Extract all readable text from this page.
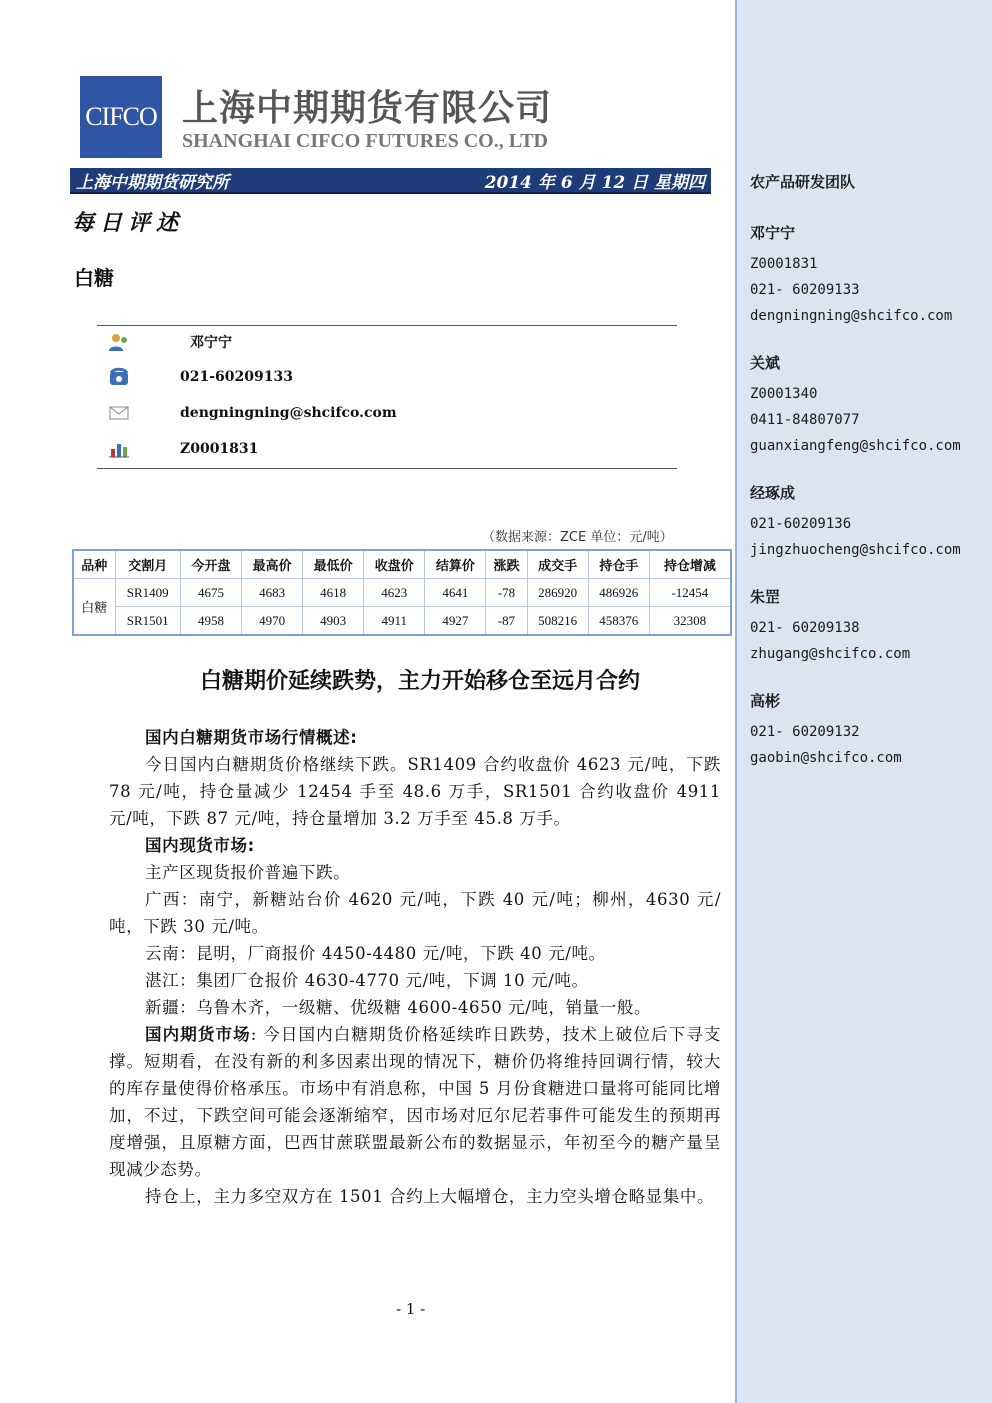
农产品研发团队
邓宁宁
Z0001831
021- 60209133
dengningning@shcifco.com
关斌
Z0001340
0411-84807077
guanxiangfeng@shcifco.com
经琢成
021-60209136
jingzhuocheng@shcifco.com
朱罡
021- 60209138
zhugang@shcifco.com
高彬
021- 60209132
gaobin@shcifco.com
CIFCO 上海中期期货有限公司
SHANGHAI CIFCO FUTURES CO., LTD
上海中期期货研究所	2014 年 6 月 12 日 星期四
每日评述
白糖
邓宁宁
021-60209133
dengningning@shcifco.com
Z0001831
（数据来源：ZCE 单位：元/吨）
品种	交割月	今开盘	最高价	最低价	收盘价	结算价	涨跌	成交手	持仓手	持仓增减
白糖	SR1409	4675	4683	4618	4623	4641	-78	286920	486926	-12454
	SR1501	4958	4970	4903	4911	4927	-87	508216	458376	32308
白糖期价延续跌势，主力开始移仓至远月合约

国内白糖期货市场行情概述:

今日国内白糖期货价格继续下跌。SR1409 合约收盘价 4623 元/吨，下跌 78 元/吨，持仓量减少 12454 手至 48.6 万手，SR1501 合约收盘价 4911 元/吨，下跌 87 元/吨，持仓量增加 3.2 万手至 45.8 万手。

国内现货市场:

主产区现货报价普遍下跌。

广西：南宁，新糖站台价 4620 元/吨，下跌 40 元/吨；柳州，4630 元/吨，下跌 30 元/吨。

云南：昆明，厂商报价 4450-4480 元/吨，下跌 40 元/吨。

湛江：集团厂仓报价 4630-4770 元/吨，下调 10 元/吨。

新疆：乌鲁木齐，一级糖、优级糖 4600-4650 元/吨，销量一般。

国内期货市场: 今日国内白糖期货价格延续昨日跌势，技术上破位后下寻支撑。短期看，在没有新的利多因素出现的情况下，糖价仍将维持回调行情，较大的库存量使得价格承压。市场中有消息称，中国 5 月份食糖进口量将可能同比增加，不过，下跌空间可能会逐渐缩窄，因市场对厄尔尼若事件可能发生的预期再度增强，且原糖方面，巴西甘蔗联盟最新公布的数据显示，年初至今的糖产量呈现减少态势。

持仓上，主力多空双方在 1501 合约上大幅增仓，主力空头增仓略显集中。

- 1 -
